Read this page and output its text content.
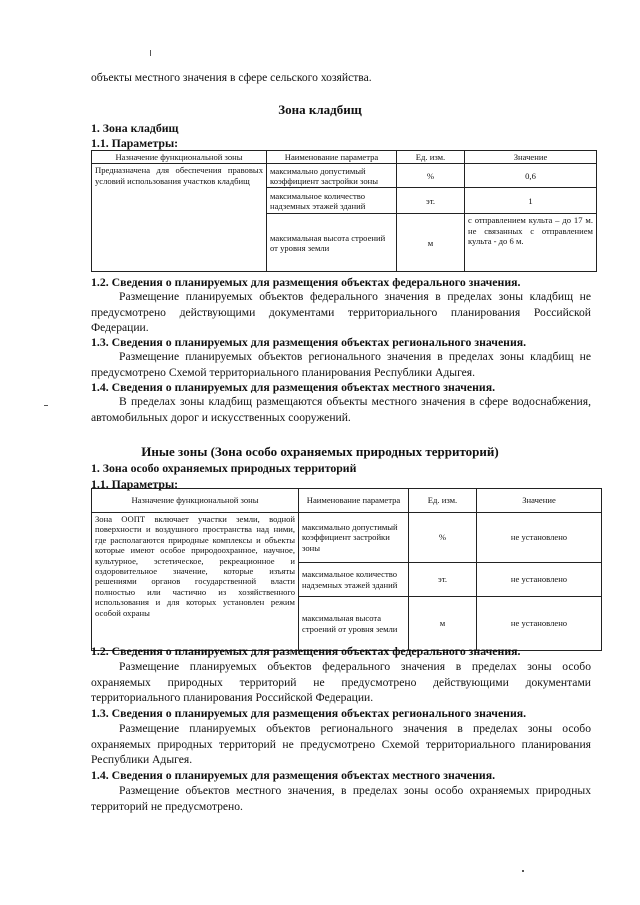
объекты местного значения в сфере сельского хозяйства.
Зона кладбищ
1. Зона кладбищ
1.1. Параметры:
Назначение функциональной зоны	Наименование параметра	Ед. изм.	Значение
Предназначена для обеспечения правовых условий использования участков кладбищ	максимально допустимый коэффициент застройки зоны	%	0,6
	максимальное количество надземных этажей зданий	эт.	1
	максимальная высота строений от уровня земли	м	с отправлением культа – до 17 м. не связанных с отправлением культа - до 6 м.
1.2. Сведения о планируемых для размещения объектах федерального значения.
Размещение планируемых объектов федерального значения в пределах зоны кладбищ не предусмотрено действующими документами территориального планирования Российской Федерации.
1.3. Сведения о планируемых для размещения объектах регионального значения.
Размещение планируемых объектов регионального значения в пределах зоны кладбищ не предусмотрено Схемой территориального планирования Республики Адыгея.
1.4. Сведения о планируемых для размещения объектах местного значения.
В пределах зоны кладбищ размещаются объекты местного значения в сфере водоснабжения, автомобильных дорог и искусственных сооружений.
Иные зоны (Зона особо охраняемых природных территорий)
1. Зона особо охраняемых природных территорий
1.1. Параметры:
Назначение функциональной зоны	Наименование параметра	Ед. изм.	Значение
Зона ООПТ включает участки земли, водной поверхности и воздушного пространства над ними, где располагаются природные комплексы и объекты которые имеют особое природоохранное, научное, культурное, эстетическое, рекреационное и оздоровительное значение, которые изъяты решениями органов государственной власти полностью или частично из хозяйственного использования и для которых установлен режим особой охраны	максимально допустимый коэффициент застройки зоны	%	не установлено
	максимальное количество надземных этажей зданий	эт.	не установлено
	максимальная высота строений от уровня земли	м	не установлено
1.2. Сведения о планируемых для размещения объектах федерального значения.
Размещение планируемых объектов федерального значения в пределах зоны особо охраняемых природных территорий не предусмотрено действующими документами территориального планирования Российской Федерации.
1.3. Сведения о планируемых для размещения объектах регионального значения.
Размещение планируемых объектов регионального значения в пределах зоны особо охраняемых природных территорий не предусмотрено Схемой территориального планирования Республики Адыгея.
1.4. Сведения о планируемых для размещения объектах местного значения.
Размещение объектов местного значения, в пределах зоны особо охраняемых природных территорий не предусмотрено.
